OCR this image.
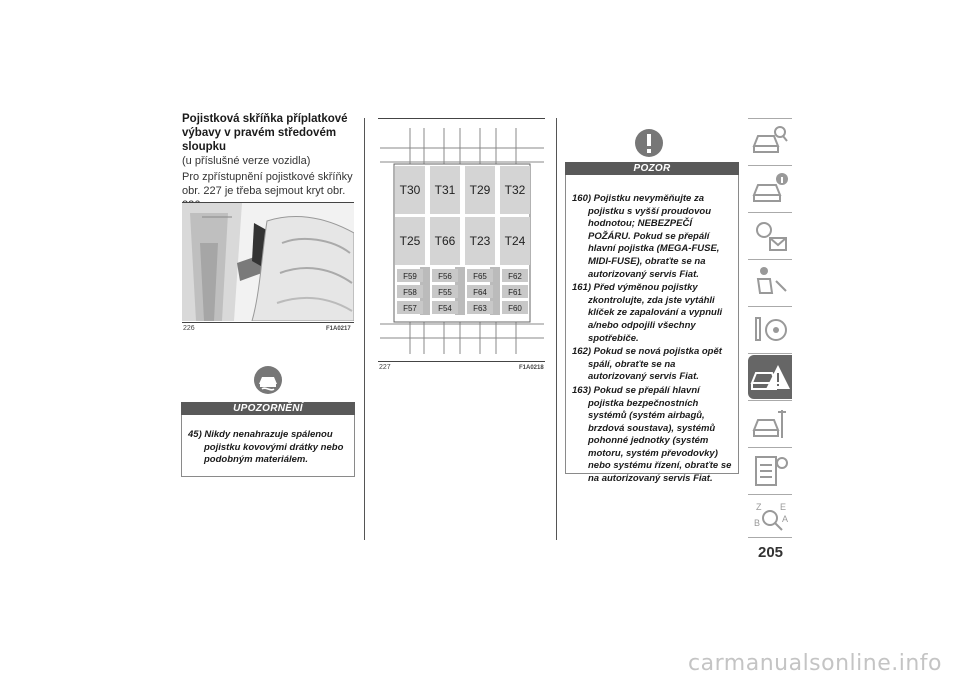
Pojistková skříňka příplatkové výbavy v pravém středovém sloupku
(u příslušné verze vozidla)
Pro zpřístupnění pojistkové skříňky obr. 227 je třeba sejmout kryt obr.
226	F1A0217
UPOZORNĚNÍ
45) Nikdy nenahrazuje spálenou pojistku kovovými drátky nebo podobným materiálem.
T30 T31 T29 T32
T25 T66 T23 T24
F59
F58
F57
F56
F55
F54
F65
F64
F63
F62
F61
F60
227	F1A0218
POZOR
160) Pojistku nevyměňujte za pojistku s vyšší proudovou hodnotou; NEBEZPEČÍ POŽÁRU. Pokud se přepálí hlavní pojistka (MEGA-FUSE, MIDI-FUSE), obraťte se na autorizovaný servis Fiat.
161) Před výměnou pojistky zkontrolujte, zda jste vytáhli klíček ze zapalování a vypnuli a/nebo odpojili všechny spotřebiče.
162) Pokud se nová pojistka opět spálí, obraťte se na autorizovaný servis Fiat.
163) Pokud se přepálí hlavní pojistka bezpečnostních systémů (systém airbagů, brzdová soustava), systémů pohonné jednotky (systém motoru, systém převodovky) nebo systému řízení, obraťte se na autorizovaný servis Fiat.
Z E
B A
205
carmanualsonline.info
